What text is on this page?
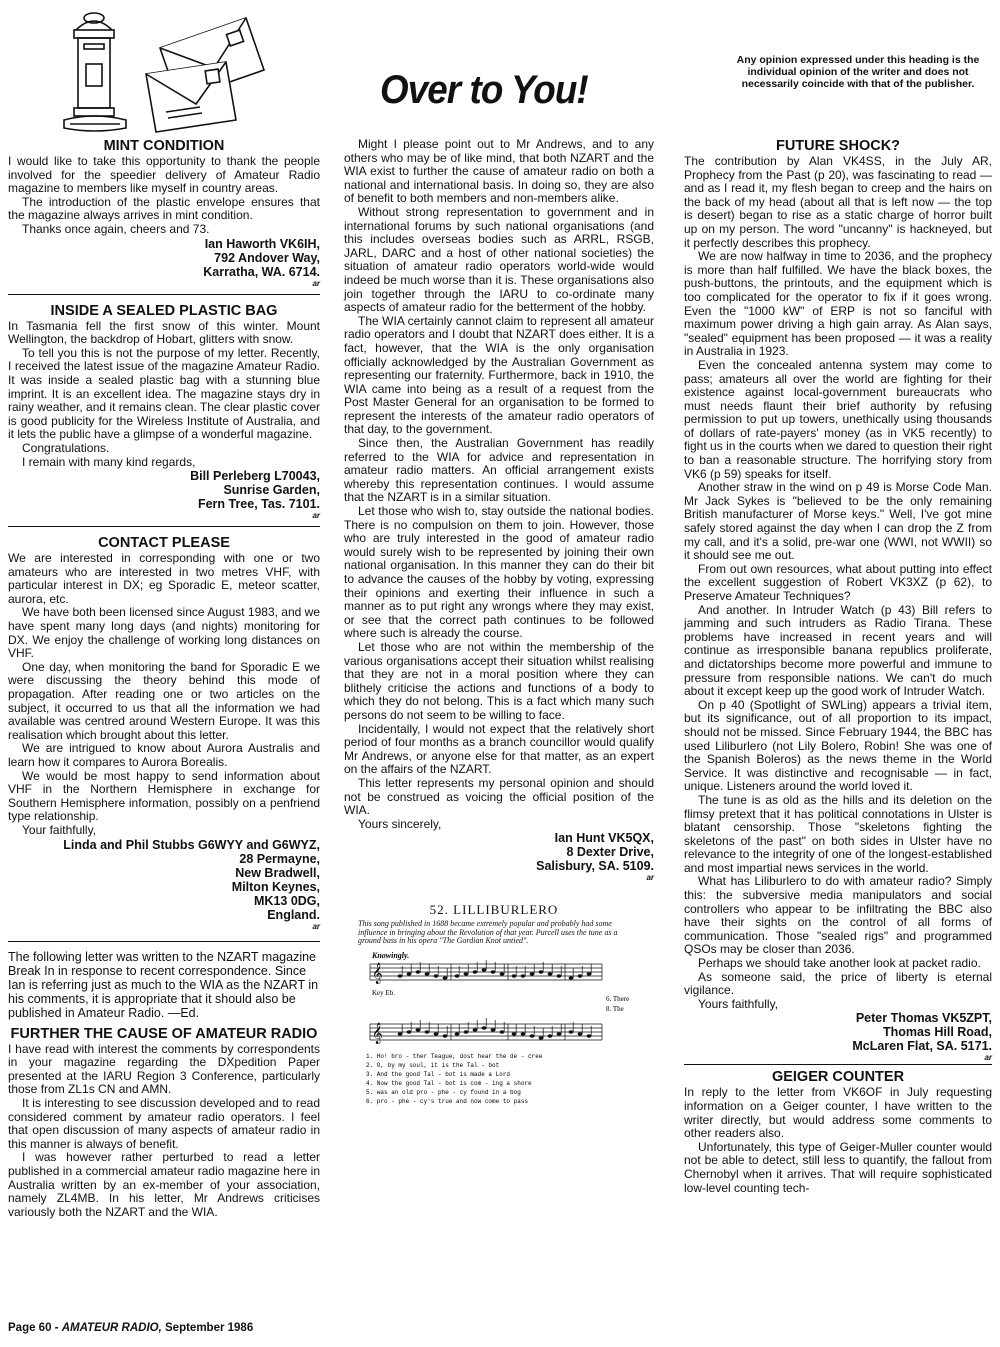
Over to You!
Any opinion expressed under this heading is the individual opinion of the writer and does not necessarily coincide with that of the publisher.
MINT CONDITION

I would like to take this opportunity to thank the people involved for the speedier delivery of Amateur Radio magazine to members like myself in country areas.

The introduction of the plastic envelope ensures that the magazine always arrives in mint condition.

Thanks once again, cheers and 73.

Ian Haworth VK6IH,
792 Andover Way,
Karratha, WA. 6714.
ar
INSIDE A SEALED PLASTIC BAG

In Tasmania fell the first snow of this winter. Mount Wellington, the backdrop of Hobart, glitters with snow.

To tell you this is not the purpose of my letter. Recently, I received the latest issue of the magazine Amateur Radio. It was inside a sealed plastic bag with a stunning blue imprint. It is an excellent idea. The magazine stays dry in rainy weather, and it remains clean. The clear plastic cover is good publicity for the Wireless Institute of Australia, and it lets the public have a glimpse of a wonderful magazine.

Congratulations.

I remain with many kind regards,

Bill Perleberg L70043,
Sunrise Garden,
Fern Tree, Tas. 7101.
ar
CONTACT PLEASE

We are interested in corresponding with one or two amateurs who are interested in two metres VHF, with particular interest in DX; eg Sporadic E, meteor scatter, aurora, etc.

We have both been licensed since August 1983, and we have spent many long days (and nights) monitoring for DX. We enjoy the challenge of working long distances on VHF.

One day, when monitoring the band for Sporadic E we were discussing the theory behind this mode of propagation. After reading one or two articles on the subject, it occurred to us that all the information we had available was centred around Western Europe. It was this realisation which brought about this letter.

We are intrigued to know about Aurora Australis and learn how it compares to Aurora Borealis.

We would be most happy to send information about VHF in the Northern Hemisphere in exchange for Southern Hemisphere information, possibly on a penfriend type relationship.

Your faithfully,

Linda and Phil Stubbs G6WYY and G6WYZ,
28 Permayne,
New Bradwell,
Milton Keynes,
MK13 0DG,
England.
ar

The following letter was written to the NZART magazine Break In in response to recent correspondence. Since Ian is referring just as much to the WIA as the NZART in his comments, it is appropriate that it should also be published in Amateur Radio. —Ed.

FURTHER THE CAUSE OF AMATEUR RADIO

I have read with interest the comments by correspondents in your magazine regarding the DXpedition Paper presented at the IARU Region 3 Conference, particularly those from ZL1s CN and AMN.

It is interesting to see discussion developed and to read considered comment by amateur radio operators. I feel that open discussion of many aspects of amateur radio in this manner is always of benefit.

I was however rather perturbed to read a letter published in a commercial amateur radio magazine here in Australia written by an ex-member of your association, namely ZL4MB. In his letter, Mr Andrews criticises variously both the NZART and the WIA.

Might I please point out to Mr Andrews, and to any others who may be of like mind, that both NZART and the WIA exist to further the cause of amateur radio on both a national and international basis. In doing so, they are also of benefit to both members and non-members alike.

Without strong representation to government and in international forums by such national organisations (and this includes overseas bodies such as ARRL, RSGB, JARL, DARC and a host of other national societies) the situation of amateur radio operators world-wide would indeed be much worse than it is. These organisations also join together through the IARU to co-ordinate many aspects of amateur radio for the betterment of the hobby.

The WIA certainly cannot claim to represent all amateur radio operators and I doubt that NZART does either. It is a fact, however, that the WIA is the only organisation officially acknowledged by the Australian Government as representing our fraternity. Furthermore, back in 1910, the WIA came into being as a result of a request from the Post Master General for an organisation to be formed to represent the interests of the amateur radio operators of that day, to the government.

Since then, the Australian Government has readily referred to the WIA for advice and representation in amateur radio matters. An official arrangement exists whereby this representation continues. I would assume that the NZART is in a similar situation.

Let those who wish to, stay outside the national bodies. There is no compulsion on them to join. However, those who are truly interested in the good of amateur radio would surely wish to be represented by joining their own national organisation. In this manner they can do their bit to advance the causes of the hobby by voting, expressing their opinions and exerting their influence in such a manner as to put right any wrongs where they may exist, or see that the correct path continues to be followed where such is already the course.

Let those who are not within the membership of the various organisations accept their situation whilst realising that they are not in a moral position where they can blithely criticise the actions and functions of a body to which they do not belong. This is a fact which many such persons do not seem to be willing to face.

Incidentally, I would not expect that the relatively short period of four months as a branch councillor would qualify Mr Andrews, or anyone else for that matter, as an expert on the affairs of the NZART.

This letter represents my personal opinion and should not be construed as voicing the official position of the WIA.

Yours sincerely,

Ian Hunt VK5QX,
8 Dexter Drive,
Salisbury, SA. 5109.
ar
52. LILLIBURLERO
This song published in 1688 became extremely popular and probably had some influence in bringing about the Revolution of that year. Purcell uses the tune as a ground bass in his opera "The Gordian Knot untied".
Knowingly.
𝄞
Key Eb.
6. There
8. The
𝄞
1. Ho! bro - ther Teague, dost hear the de - cree
2. O, by my soul, it is the Tal - bot
3. And the good Tal - bot is made a Lord
4. Now the good Tal - bot is com - ing a shore
5. was an old pro - phe - cy found in a bog
6. pro - phe - cy's true and now come to pass
FUTURE SHOCK?

The contribution by Alan VK4SS, in the July AR, Prophecy from the Past (p 20), was fascinating to read — and as I read it, my flesh began to creep and the hairs on the back of my head (about all that is left now — the top is desert) began to rise as a static charge of horror built up on my person. The word "uncanny" is hackneyed, but it perfectly describes this prophecy.

We are now halfway in time to 2036, and the prophecy is more than half fulfilled. We have the black boxes, the push-buttons, the printouts, and the equipment which is too complicated for the operator to fix if it goes wrong. Even the "1000 kW" of ERP is not so fanciful with maximum power driving a high gain array. As Alan says, "sealed" equipment has been proposed — it was a reality in Australia in 1923.

Even the concealed antenna system may come to pass; amateurs all over the world are fighting for their existence against local-government bureaucrats who must needs flaunt their brief authority by refusing permission to put up towers, unethically using thousands of dollars of rate-payers' money (as in VK5 recently) to fight us in the courts when we dared to question their right to ban a reasonable structure. The horrifying story from VK6 (p 59) speaks for itself.

Another straw in the wind on p 49 is Morse Code Man. Mr Jack Sykes is "believed to be the only remaining British manufacturer of Morse keys." Well, I've got mine safely stored against the day when I can drop the Z from my call, and it's a solid, pre-war one (WWI, not WWII) so it should see me out.

From out own resources, what about putting into effect the excellent suggestion of Robert VK3XZ (p 62), to Preserve Amateur Techniques?

And another. In Intruder Watch (p 43) Bill refers to jamming and such intruders as Radio Tirana. These problems have increased in recent years and will continue as irresponsible banana republics proliferate, and dictatorships become more powerful and immune to pressure from responsible nations. We can't do much about it except keep up the good work of Intruder Watch.

On p 40 (Spotlight of SWLing) appears a trivial item, but its significance, out of all proportion to its impact, should not be missed. Since February 1944, the BBC has used Liliburlero (not Lily Bolero, Robin! She was one of the Spanish Boleros) as the news theme in the World Service. It was distinctive and recognisable — in fact, unique. Listeners around the world loved it.

The tune is as old as the hills and its deletion on the flimsy pretext that it has political connotations in Ulster is blatant censorship. Those "skeletons fighting the skeletons of the past" on both sides in Ulster have no relevance to the integrity of one of the longest-established and most impartial news services in the world.

What has Liliburlero to do with amateur radio? Simply this: the subversive media manipulators and social controllers who appear to be infiltrating the BBC also have their sights on the control of all forms of communication. Those "sealed rigs" and programmed QSOs may be closer than 2036.

Perhaps we should take another look at packet radio.

As someone said, the price of liberty is eternal vigilance.

Yours faithfully,

Peter Thomas VK5ZPT,
Thomas Hill Road,
McLaren Flat, SA. 5171.
ar
GEIGER COUNTER

In reply to the letter from VK6OF in July requesting information on a Geiger counter, I have written to the writer directly, but would address some comments to other readers also.

Unfortunately, this type of Geiger-Muller counter would not be able to detect, still less to quantify, the fallout from Chernobyl when it arrives. That will require sophisticated low-level counting tech-

Page 60 - AMATEUR RADIO, September 1986
